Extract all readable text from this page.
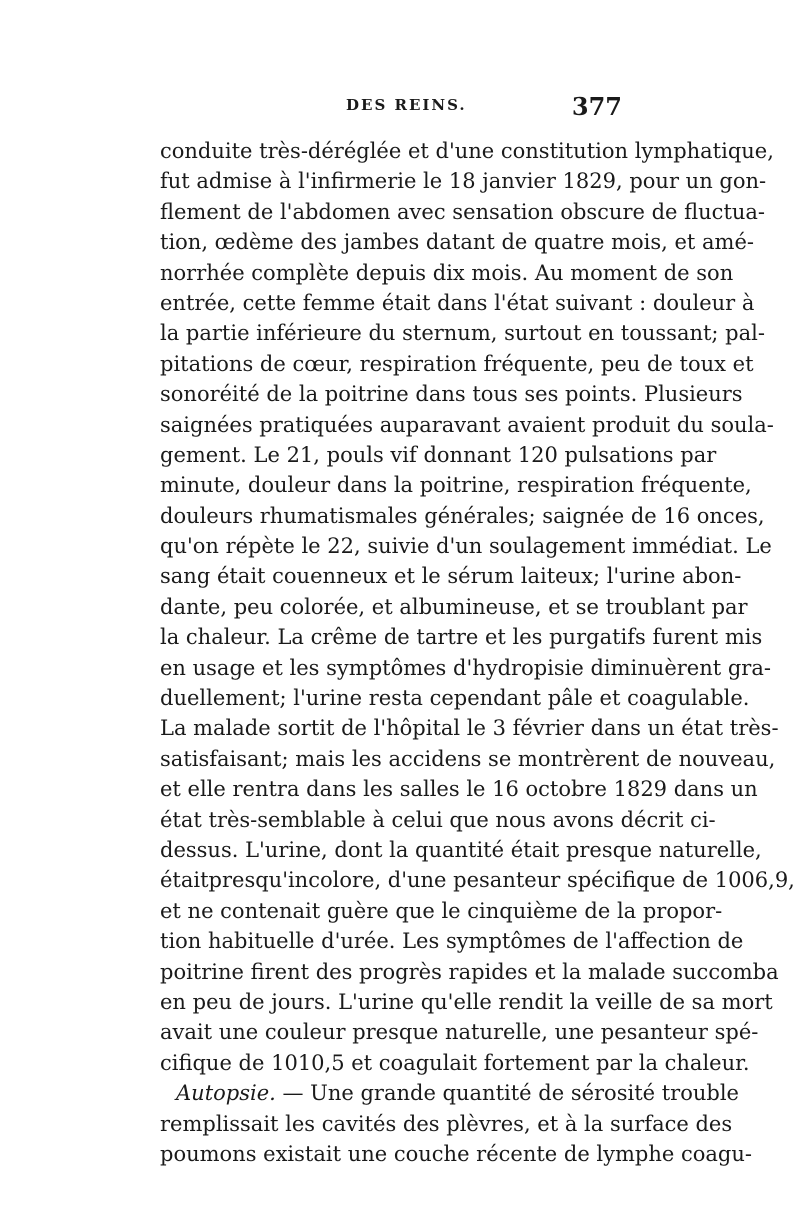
DES REINS.	377
conduite très-déréglée et d'une constitution lymphatique,
fut admise à l'infirmerie le 18 janvier 1829, pour un gon-
flement de l'abdomen avec sensation obscure de fluctua-
tion, œdème des jambes datant de quatre mois, et amé-
norrhée complète depuis dix mois. Au moment de son
entrée, cette femme était dans l'état suivant : douleur à
la partie inférieure du sternum, surtout en toussant; pal-
pitations de cœur, respiration fréquente, peu de toux et
sonoréité de la poitrine dans tous ses points. Plusieurs
saignées pratiquées auparavant avaient produit du soula-
gement. Le 21, pouls vif donnant 120 pulsations par
minute, douleur dans la poitrine, respiration fréquente,
douleurs rhumatismales générales; saignée de 16 onces,
qu'on répète le 22, suivie d'un soulagement immédiat. Le
sang était couenneux et le sérum laiteux; l'urine abon-
dante, peu colorée, et albumineuse, et se troublant par
la chaleur. La crême de tartre et les purgatifs furent mis
en usage et les symptômes d'hydropisie diminuèrent gra-
duellement; l'urine resta cependant pâle et coagulable.
La malade sortit de l'hôpital le 3 février dans un état très-
satisfaisant; mais les accidens se montrèrent de nouveau,
et elle rentra dans les salles le 16 octobre 1829 dans un
état très-semblable à celui que nous avons décrit ci-
dessus. L'urine, dont la quantité était presque naturelle,
étaitpresqu'incolore, d'une pesanteur spécifique de 1006,9,
et ne contenait guère que le cinquième de la propor-
tion habituelle d'urée. Les symptômes de l'affection de
poitrine firent des progrès rapides et la malade succomba
en peu de jours. L'urine qu'elle rendit la veille de sa mort
avait une couleur presque naturelle, une pesanteur spé-
cifique de 1010,5 et coagulait fortement par la chaleur.
Autopsie. — Une grande quantité de sérosité trouble
remplissait les cavités des plèvres, et à la surface des
poumons existait une couche récente de lymphe coagu-
